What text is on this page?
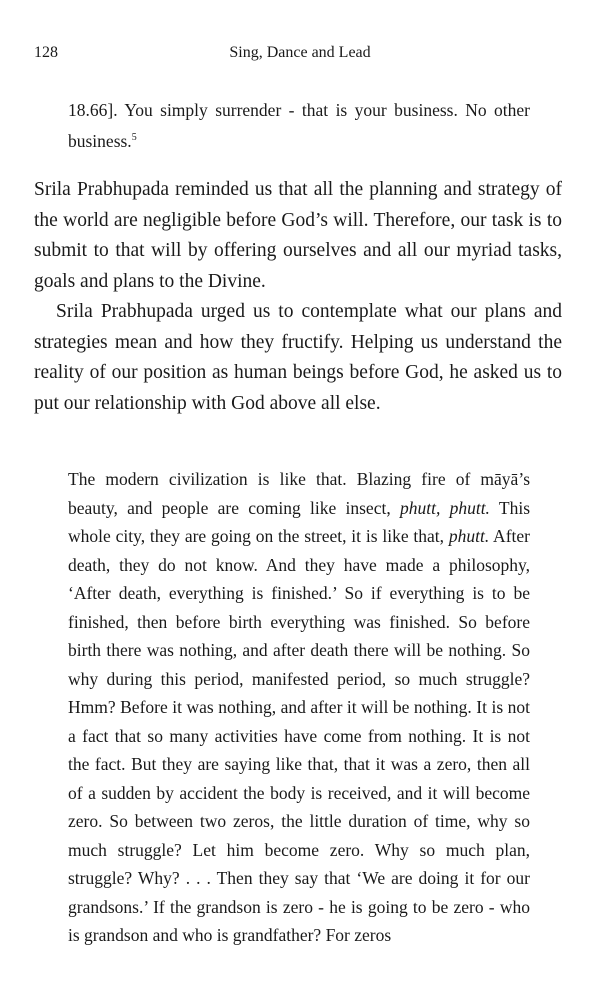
128	Sing, Dance and Lead
18.66]. You simply surrender - that is your business. No other business.$^5$

Srila Prabhupada reminded us that all the planning and strategy of the world are negligible before God’s will. Therefore, our task is to submit to that will by offering ourselves and all our myriad tasks, goals and plans to the Divine.

Srila Prabhupada urged us to contemplate what our plans and strategies mean and how they fructify. Helping us understand the reality of our position as human beings before God, he asked us to put our relationship with God above all else.

The modern civilization is like that. Blazing fire of māyā’s beauty, and people are coming like insect, phutt, phutt. This whole city, they are going on the street, it is like that, phutt. After death, they do not know. And they have made a philosophy, ‘After death, everything is finished.’ So if everything is to be finished, then before birth everything was finished. So before birth there was nothing, and after death there will be nothing. So why during this period, manifested period, so much struggle? Hmm? Before it was nothing, and after it will be nothing. It is not a fact that so many activities have come from nothing. It is not the fact. But they are saying like that, that it was a zero, then all of a sudden by accident the body is received, and it will become zero. So between two zeros, the little duration of time, why so much struggle? Let him become zero. Why so much plan, struggle? Why? . . . Then they say that ‘We are doing it for our grandsons.’ If the grandson is zero - he is going to be zero - who is grandson and who is grandfather? For zeros
